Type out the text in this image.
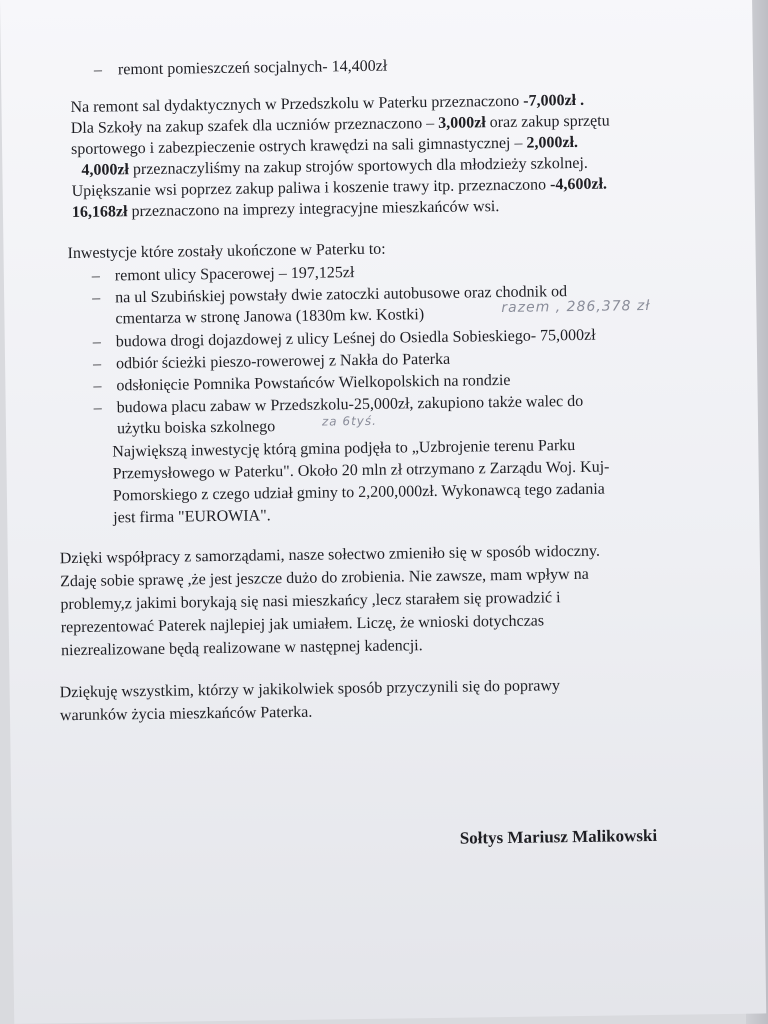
– remont pomieszczeń socjalnych- 14,400zł
Na remont sal dydaktycznych w Przedszkolu w Paterku przeznaczono -7,000zł .
Dla Szkoły na zakup szafek dla uczniów przeznaczono – 3,000zł oraz zakup sprzętu
sportowego i zabezpieczenie ostrych krawędzi na sali gimnastycznej – 2,000zł.
4,000zł przeznaczyliśmy na zakup strojów sportowych dla młodzieży szkolnej.
Upiększanie wsi poprzez zakup paliwa i koszenie trawy itp. przeznaczono -4,600zł.
16,168zł przeznaczono na imprezy integracyjne mieszkańców wsi.
Inwestycje które zostały ukończone w Paterku to:
– remont ulicy Spacerowej – 197,125zł
– na ul Szubińskiej powstały dwie zatoczki autobusowe oraz chodnik od
cmentarza w stronę Janowa (1830m kw. Kostki)	razem , 286,378 zł
– budowa drogi dojazdowej z ulicy Leśnej do Osiedla Sobieskiego- 75,000zł
– odbiór ścieżki pieszo-rowerowej z Nakła do Paterka
– odsłonięcie Pomnika Powstańców Wielkopolskich na rondzie
– budowa placu zabaw w Przedszkolu-25,000zł, zakupiono także walec do
użytku boiska szkolnego	za 6tyś.
Największą inwestycję którą gmina podjęła to „Uzbrojenie terenu Parku
Przemysłowego w Paterku". Około 20 mln zł otrzymano z Zarządu Woj. Kuj-
Pomorskiego z czego udział gminy to 2,200,000zł. Wykonawcą tego zadania
jest firma "EUROWIA".
Dzięki współpracy z samorządami, nasze sołectwo zmieniło się w sposób widoczny.
Zdaję sobie sprawę ,że jest jeszcze dużo do zrobienia. Nie zawsze, mam wpływ na
problemy,z jakimi borykają się nasi mieszkańcy ,lecz starałem się prowadzić i
reprezentować Paterek najlepiej jak umiałem. Liczę, że wnioski dotychczas
niezrealizowane będą realizowane w następnej kadencji.
Dziękuję wszystkim, którzy w jakikolwiek sposób przyczynili się do poprawy
warunków życia mieszkańców Paterka.
Sołtys Mariusz Malikowski
